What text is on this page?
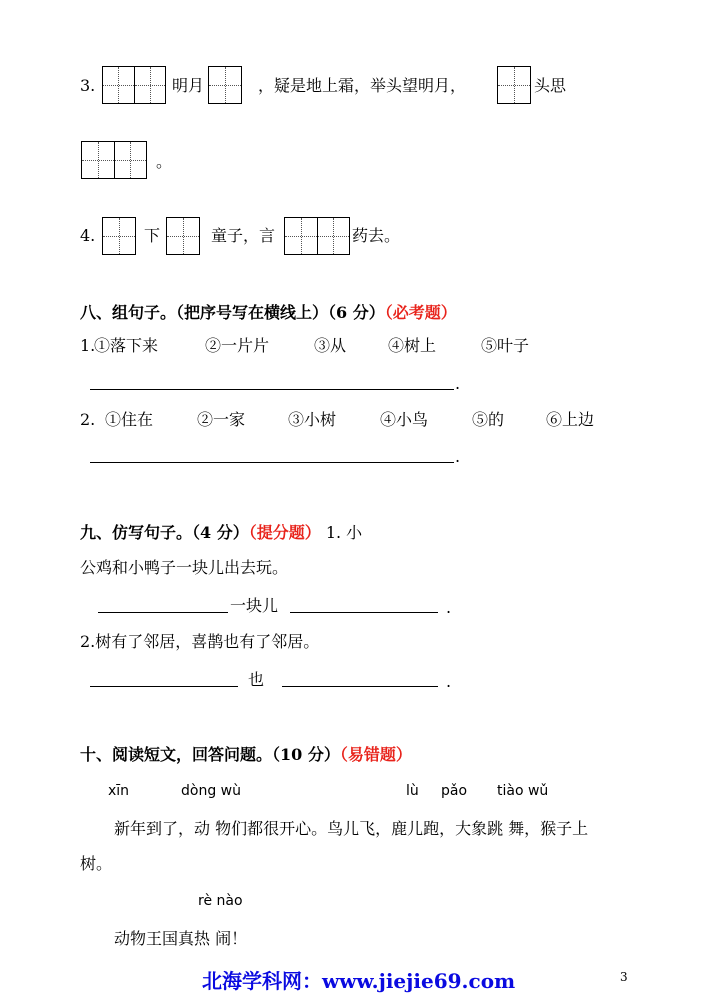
3.	明月	，疑是地上霜，举头望明月，	头思
。
4.	下	童子，言	药去。
八、组句子。（把序号写在横线上）（6 分）（必考题）
1.
①落下来	②一片片	③从	④树上	⑤叶子
.
2. ①住在	②一家	③小树	④小鸟	⑤的	⑥上边
.
九、仿写句子。（4 分）（提分题） 1. 小
公鸡和小鸭子一块儿出去玩。
一块儿	.
2.树有了邻居，喜鹊也有了邻居。
也	.
十、阅读短文，回答问题。（10 分）（易错题）
xīn	dòng wù	lù pǎo tiào wǔ
新年到了，动 物们都很开心。鸟儿飞，鹿儿跑，大象跳 舞，猴子上
树。
rè nào
动物王国真热 闹！
北海学科网：www.jiejie69.com	3
